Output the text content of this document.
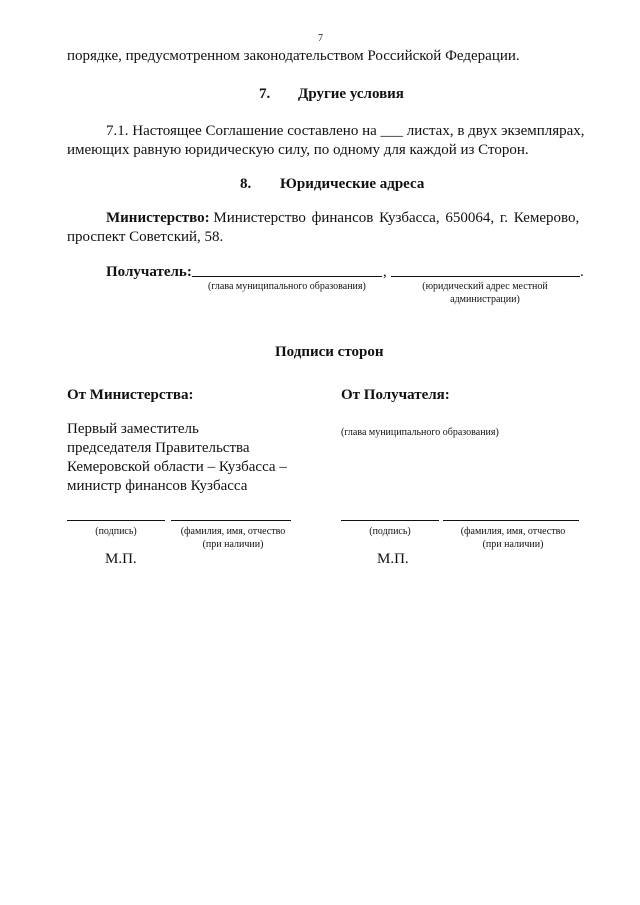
7
порядке, предусмотренном законодательством Российской Федерации.
7. Другие условия
7.1. Настоящее Соглашение составлено на ___ листах, в двух экземплярах,
имеющих равную юридическую силу, по одному для каждой из Сторон.
8. Юридические адреса
Министерство: Министерство финансов Кузбасса, 650064, г. Кемерово,
проспект Советский, 58.
Получатель:	,	.
(глава муниципального образования)	(юридический адрес местной
администрации)
Подписи сторон
От Министерства:
Первый заместитель
председателя Правительства
Кемеровской области – Кузбасса –
министр финансов Кузбасса
(подпись)	(фамилия, имя, отчество
(при наличии)
М.П.
От Получателя:
(глава муниципального образования)
(подпись)	(фамилия, имя, отчество
(при наличии)
М.П.
